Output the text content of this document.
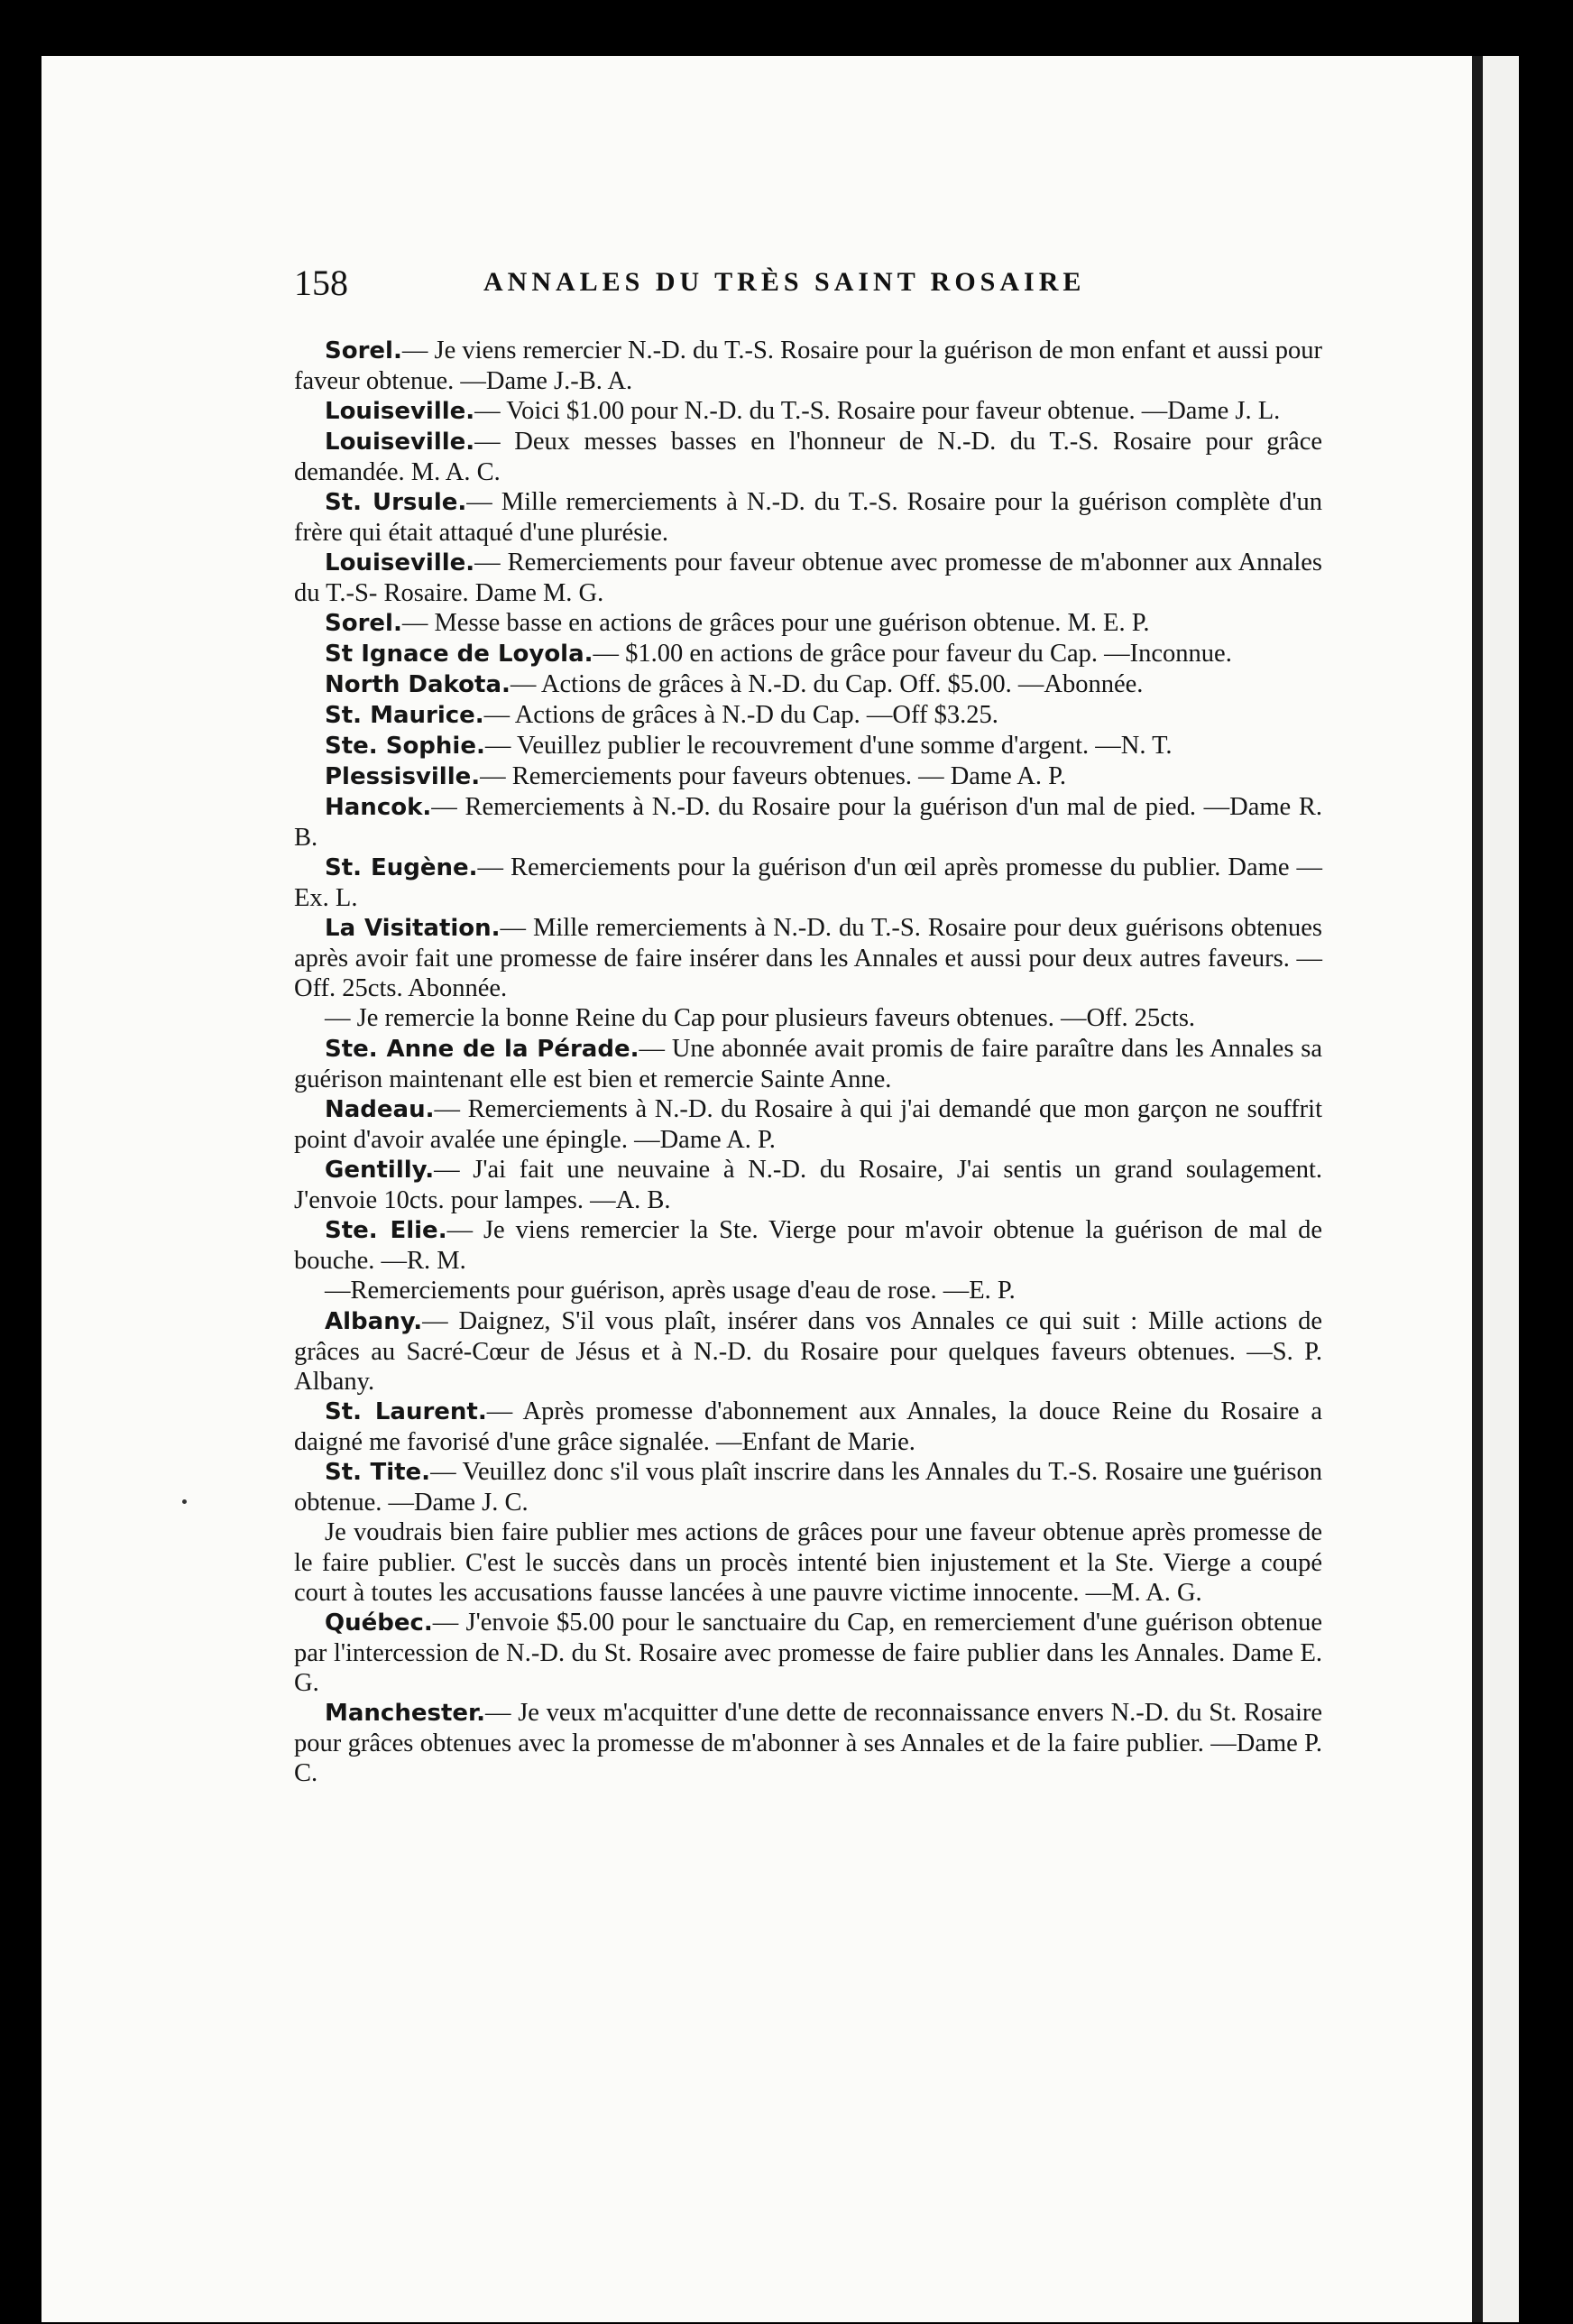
158	ANNALES DU TRÈS SAINT ROSAIRE

Sorel.— Je viens remercier N.-D. du T.-S. Rosaire pour la guérison de mon enfant et aussi pour faveur obtenue. —Dame J.-B. A.

Louiseville.— Voici $1.00 pour N.-D. du T.-S. Rosaire pour faveur obtenue. —Dame J. L.

Louiseville.— Deux messes basses en l'honneur de N.-D. du T.-S. Rosaire pour grâce demandée. M. A. C.

St. Ursule.— Mille remerciements à N.-D. du T.-S. Rosaire pour la guérison complète d'un frère qui était attaqué d'une plurésie.

Louiseville.— Remerciements pour faveur obtenue avec promesse de m'abonner aux Annales du T.-S- Rosaire. Dame M. G.

Sorel.— Messe basse en actions de grâces pour une guérison obtenue. M. E. P.

St Ignace de Loyola.— $1.00 en actions de grâce pour faveur du Cap. —Inconnue.

North Dakota.— Actions de grâces à N.-D. du Cap. Off. $5.00. —Abonnée.

St. Maurice.— Actions de grâces à N.-D du Cap. —Off $3.25.

Ste. Sophie.— Veuillez publier le recouvrement d'une somme d'argent. —N. T.

Plessisville.— Remerciements pour faveurs obtenues. — Dame A. P.

Hancok.— Remerciements à N.-D. du Rosaire pour la guérison d'un mal de pied. —Dame R. B.

St. Eugène.— Remerciements pour la guérison d'un œil après promesse du publier. Dame —Ex. L.

La Visitation.— Mille remerciements à N.-D. du T.-S. Rosaire pour deux guérisons obtenues après avoir fait une promesse de faire insérer dans les Annales et aussi pour deux autres faveurs. —Off. 25cts. Abonnée.

— Je remercie la bonne Reine du Cap pour plusieurs faveurs obtenues. —Off. 25cts.

Ste. Anne de la Pérade.— Une abonnée avait promis de faire paraître dans les Annales sa guérison maintenant elle est bien et remercie Sainte Anne.

Nadeau.— Remerciements à N.-D. du Rosaire à qui j'ai demandé que mon garçon ne souffrit point d'avoir avalée une épingle. —Dame A. P.

Gentilly.— J'ai fait une neuvaine à N.-D. du Rosaire, J'ai sentis un grand soulagement. J'envoie 10cts. pour lampes. —A. B.

Ste. Elie.— Je viens remercier la Ste. Vierge pour m'avoir obtenue la guérison de mal de bouche. —R. M.

—Remerciements pour guérison, après usage d'eau de rose. —E. P.

Albany.— Daignez, S'il vous plaît, insérer dans vos Annales ce qui suit : Mille actions de grâces au Sacré-Cœur de Jésus et à N.-D. du Rosaire pour quelques faveurs obtenues. —S. P. Albany.

St. Laurent.— Après promesse d'abonnement aux Annales, la douce Reine du Rosaire a daigné me favorisé d'une grâce signalée. —Enfant de Marie.

St. Tite.— Veuillez donc s'il vous plaît inscrire dans les Annales du T.-S. Rosaire une guérison obtenue. —Dame J. C.

Je voudrais bien faire publier mes actions de grâces pour une faveur obtenue après promesse de le faire publier. C'est le succès dans un procès intenté bien injustement et la Ste. Vierge a coupé court à toutes les accusations fausse lancées à une pauvre victime innocente. —M. A. G.

Québec.— J'envoie $5.00 pour le sanctuaire du Cap, en remerciement d'une guérison obtenue par l'intercession de N.-D. du St. Rosaire avec promesse de faire publier dans les Annales. Dame E. G.

Manchester.— Je veux m'acquitter d'une dette de reconnaissance envers N.-D. du St. Rosaire pour grâces obtenues avec la promesse de m'abonner à ses Annales et de la faire publier. —Dame P. C.
